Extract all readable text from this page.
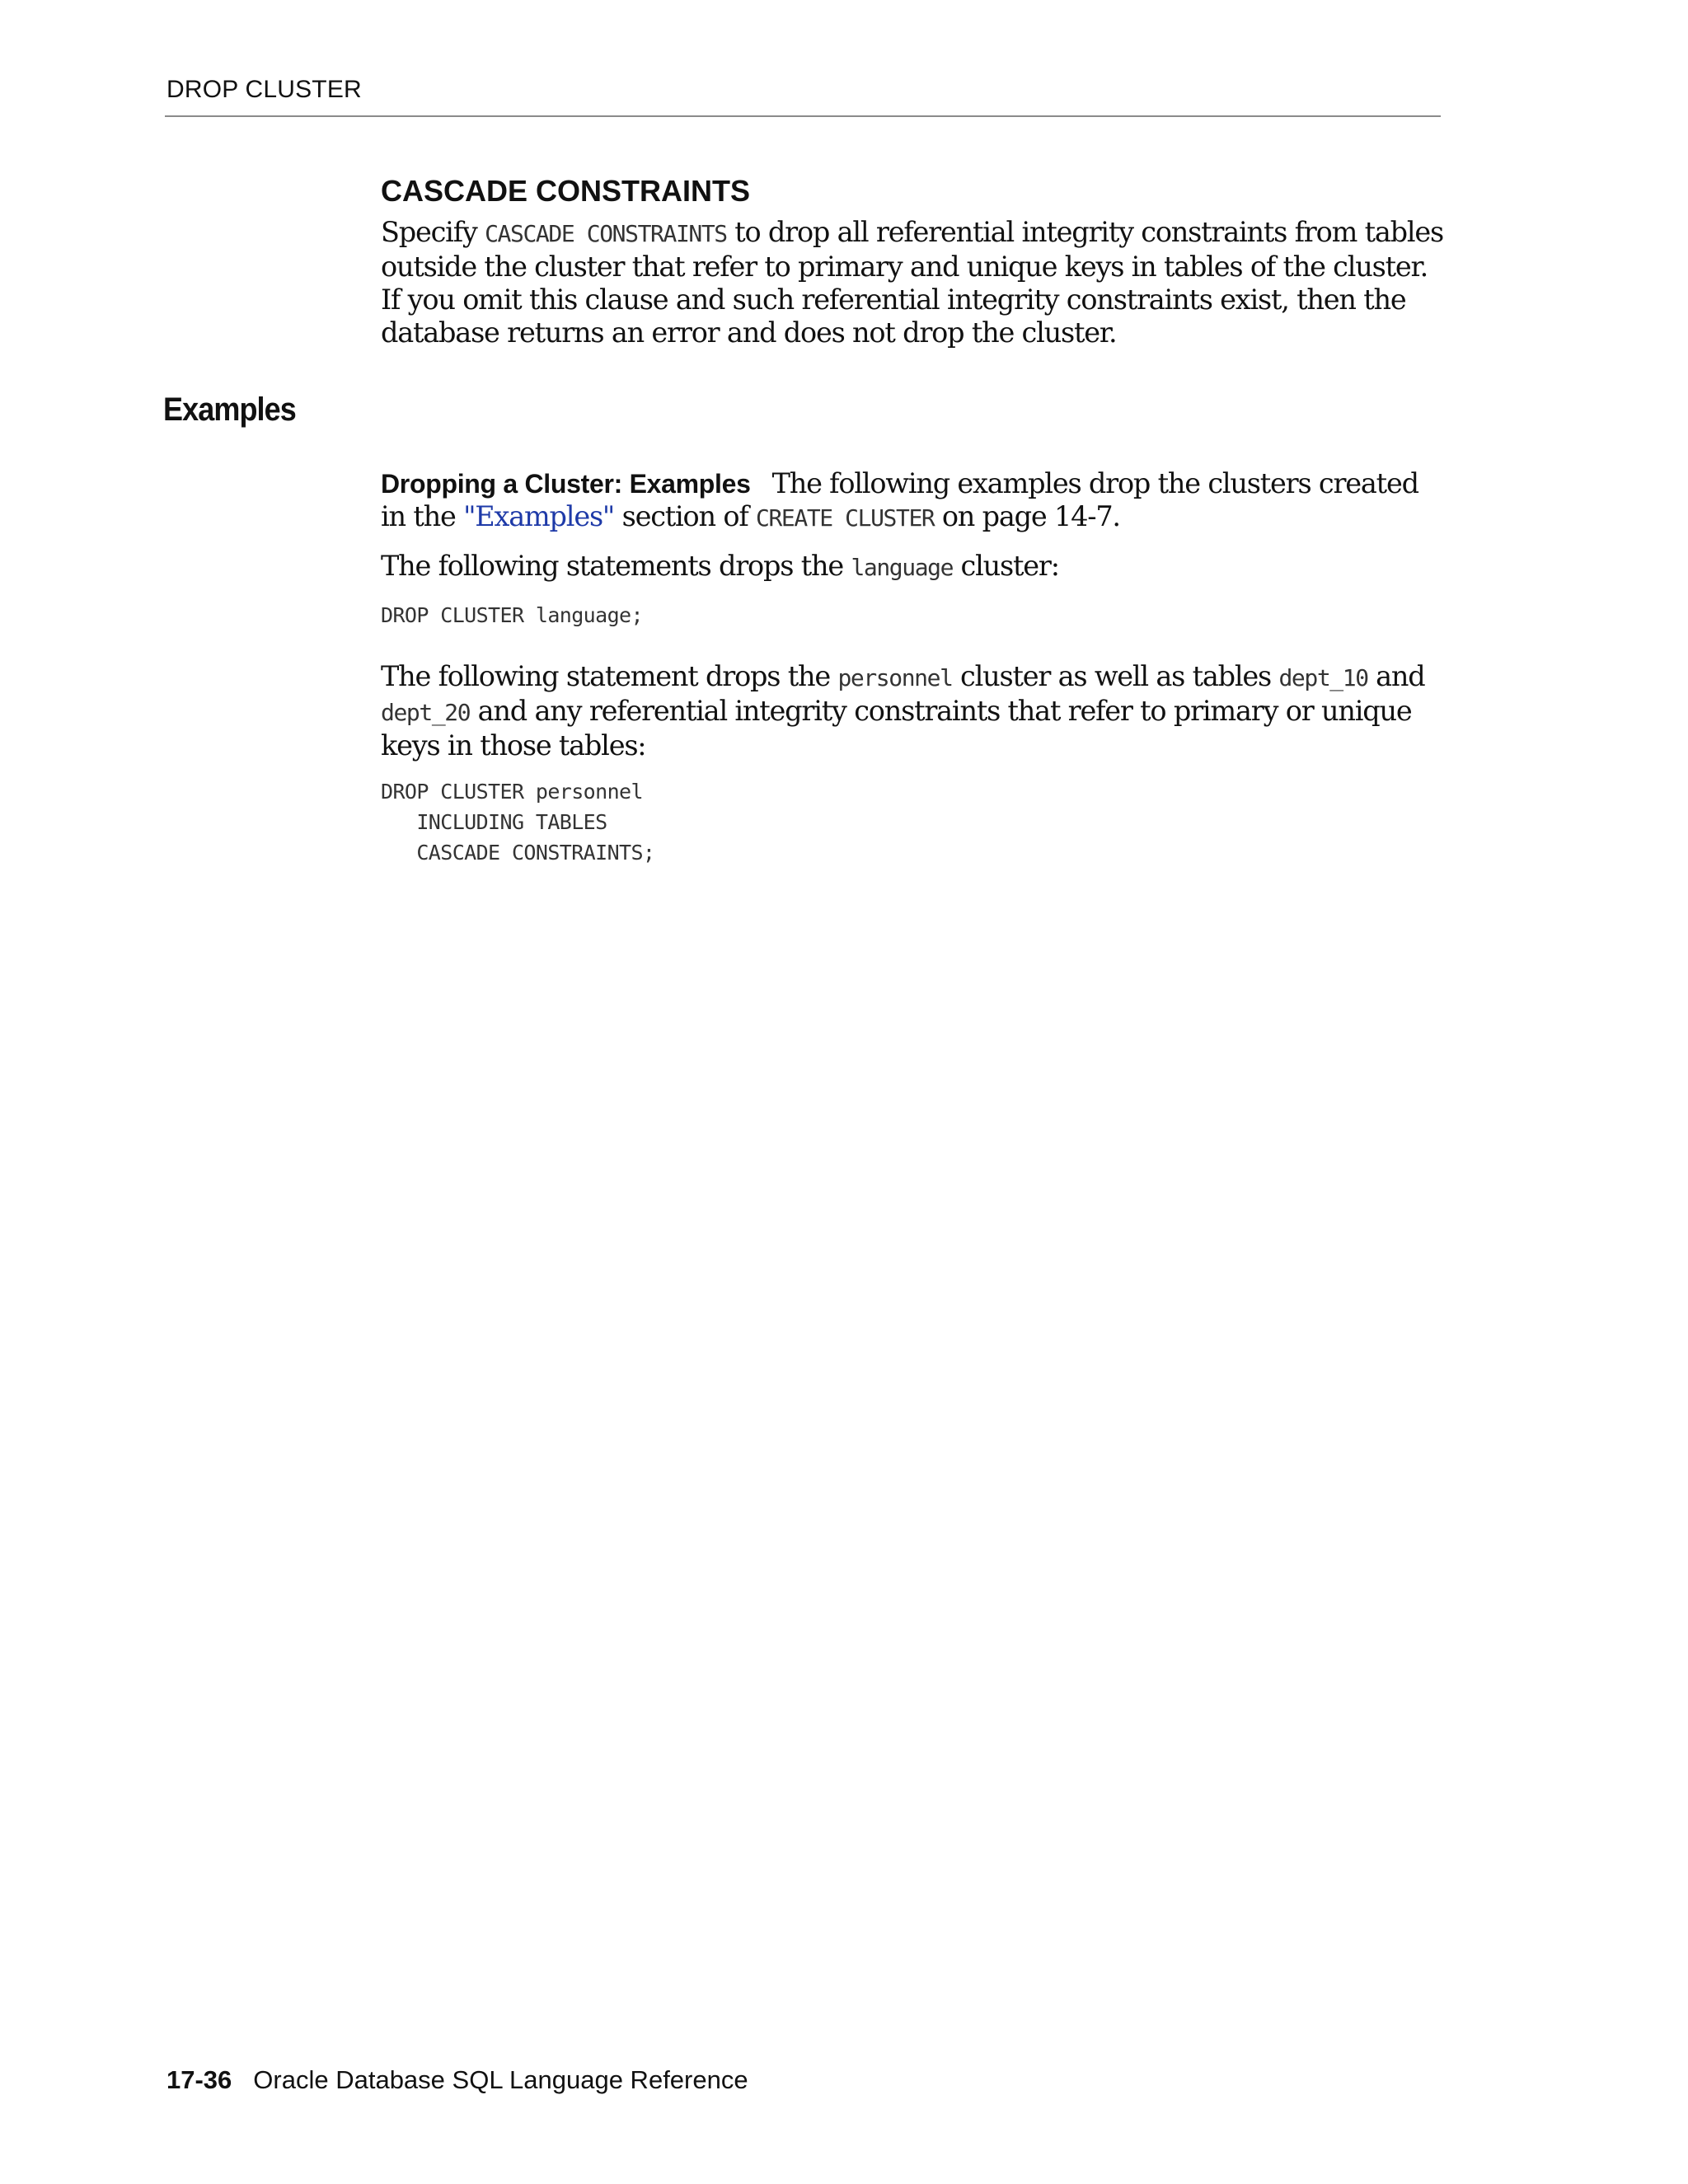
DROP CLUSTER

CASCADE CONSTRAINTS

Specify CASCADE CONSTRAINTS to drop all referential integrity constraints from tables outside the cluster that refer to primary and unique keys in tables of the cluster. If you omit this clause and such referential integrity constraints exist, then the database returns an error and does not drop the cluster.

Examples

Dropping a Cluster: Examples The following examples drop the clusters created in the "Examples" section of CREATE CLUSTER on page 14-7.

The following statements drops the language cluster:

DROP CLUSTER language;

The following statement drops the personnel cluster as well as tables dept_10 and dept_20 and any referential integrity constraints that refer to primary or unique keys in those tables:

DROP CLUSTER personnel
INCLUDING TABLES
CASCADE CONSTRAINTS;

17-36 Oracle Database SQL Language Reference
